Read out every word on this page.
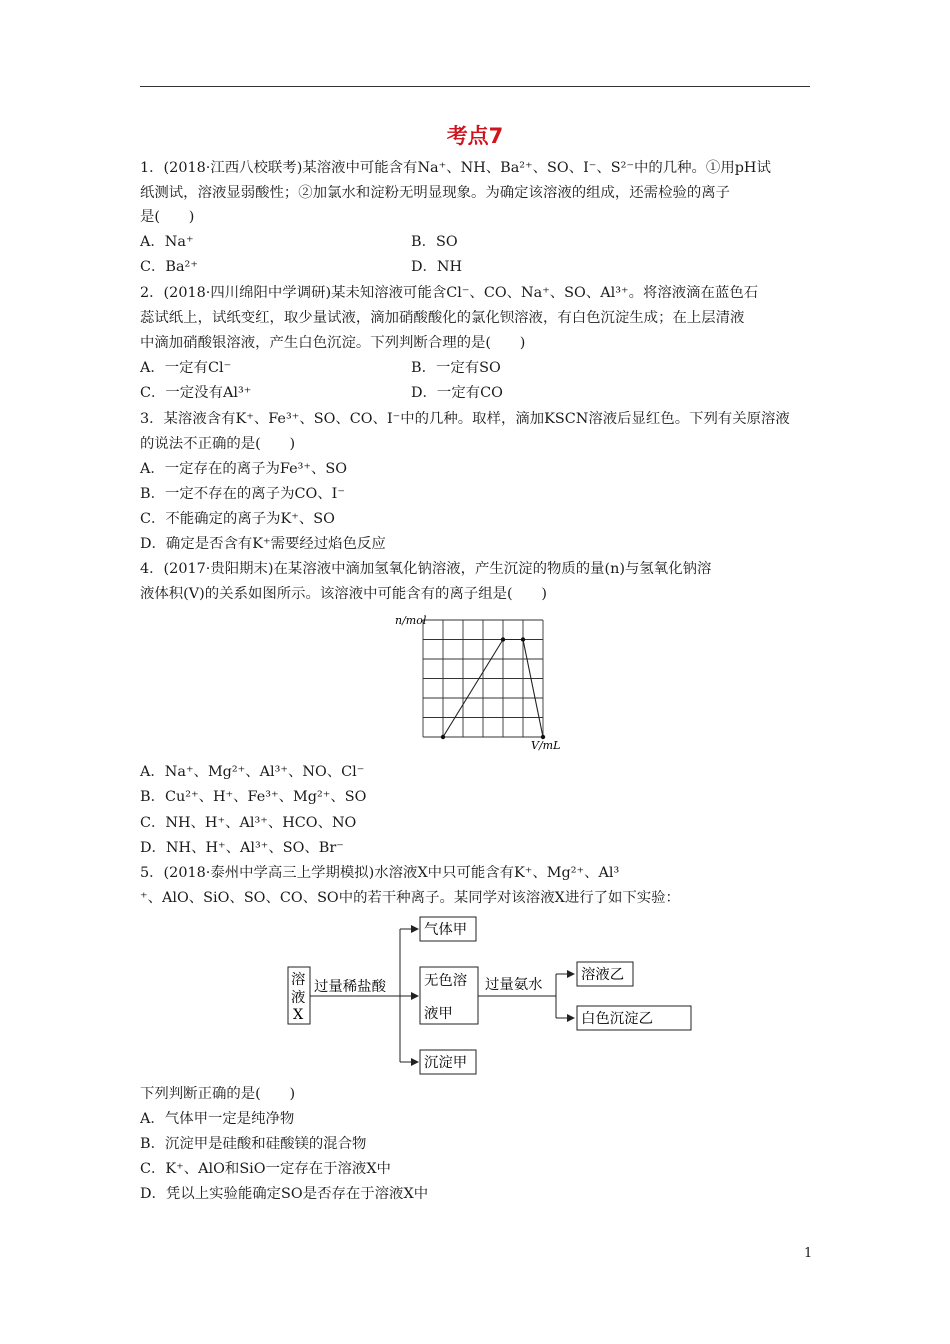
考点7
1．(2018·江西八校联考)某溶液中可能含有Na⁺、NH、Ba²⁺、SO、I⁻、S²⁻中的几种。①用pH试
纸测试，溶液显弱酸性；②加氯水和淀粉无明显现象。为确定该溶液的组成，还需检验的离子
是(　　)
A．Na⁺	B．SO
C．Ba²⁺	D．NH
2．(2018·四川绵阳中学调研)某未知溶液可能含Cl⁻、CO、Na⁺、SO、Al³⁺。将溶液滴在蓝色石
蕊试纸上，试纸变红，取少量试液，滴加硝酸酸化的氯化钡溶液，有白色沉淀生成；在上层清液
中滴加硝酸银溶液，产生白色沉淀。下列判断合理的是(　　)
A．一定有Cl⁻	B．一定有SO
C．一定没有Al³⁺	D．一定有CO
3．某溶液含有K⁺、Fe³⁺、SO、CO、I⁻中的几种。取样，滴加KSCN溶液后显红色。下列有关原溶液
的说法不正确的是(　　)
A．一定存在的离子为Fe³⁺、SO
B．一定不存在的离子为CO、I⁻
C．不能确定的离子为K⁺、SO
D．确定是否含有K⁺需要经过焰色反应
4．(2017·贵阳期末)在某溶液中滴加氢氧化钠溶液，产生沉淀的物质的量(n)与氢氧化钠溶
液体积(V)的关系如图所示。该溶液中可能含有的离子组是(　　)
n/mol
V/mL
A．Na⁺、Mg²⁺、Al³⁺、NO、Cl⁻
B．Cu²⁺、H⁺、Fe³⁺、Mg²⁺、SO
C．NH、H⁺、Al³⁺、HCO、NO
D．NH、H⁺、Al³⁺、SO、Br⁻
5．(2018·泰州中学高三上学期模拟)水溶液X中只可能含有K⁺、Mg²⁺、Al³
⁺、AlO、SiO、SO、CO、SO中的若干种离子。某同学对该溶液X进行了如下实验：
溶
液
X
过量稀盐酸
气体甲
无色溶
液甲
沉淀甲
过量氨水
溶液乙
白色沉淀乙
下列判断正确的是(　　)
A．气体甲一定是纯净物
B．沉淀甲是硅酸和硅酸镁的混合物
C．K⁺、AlO和SiO一定存在于溶液X中
D．凭以上实验能确定SO是否存在于溶液X中
1
